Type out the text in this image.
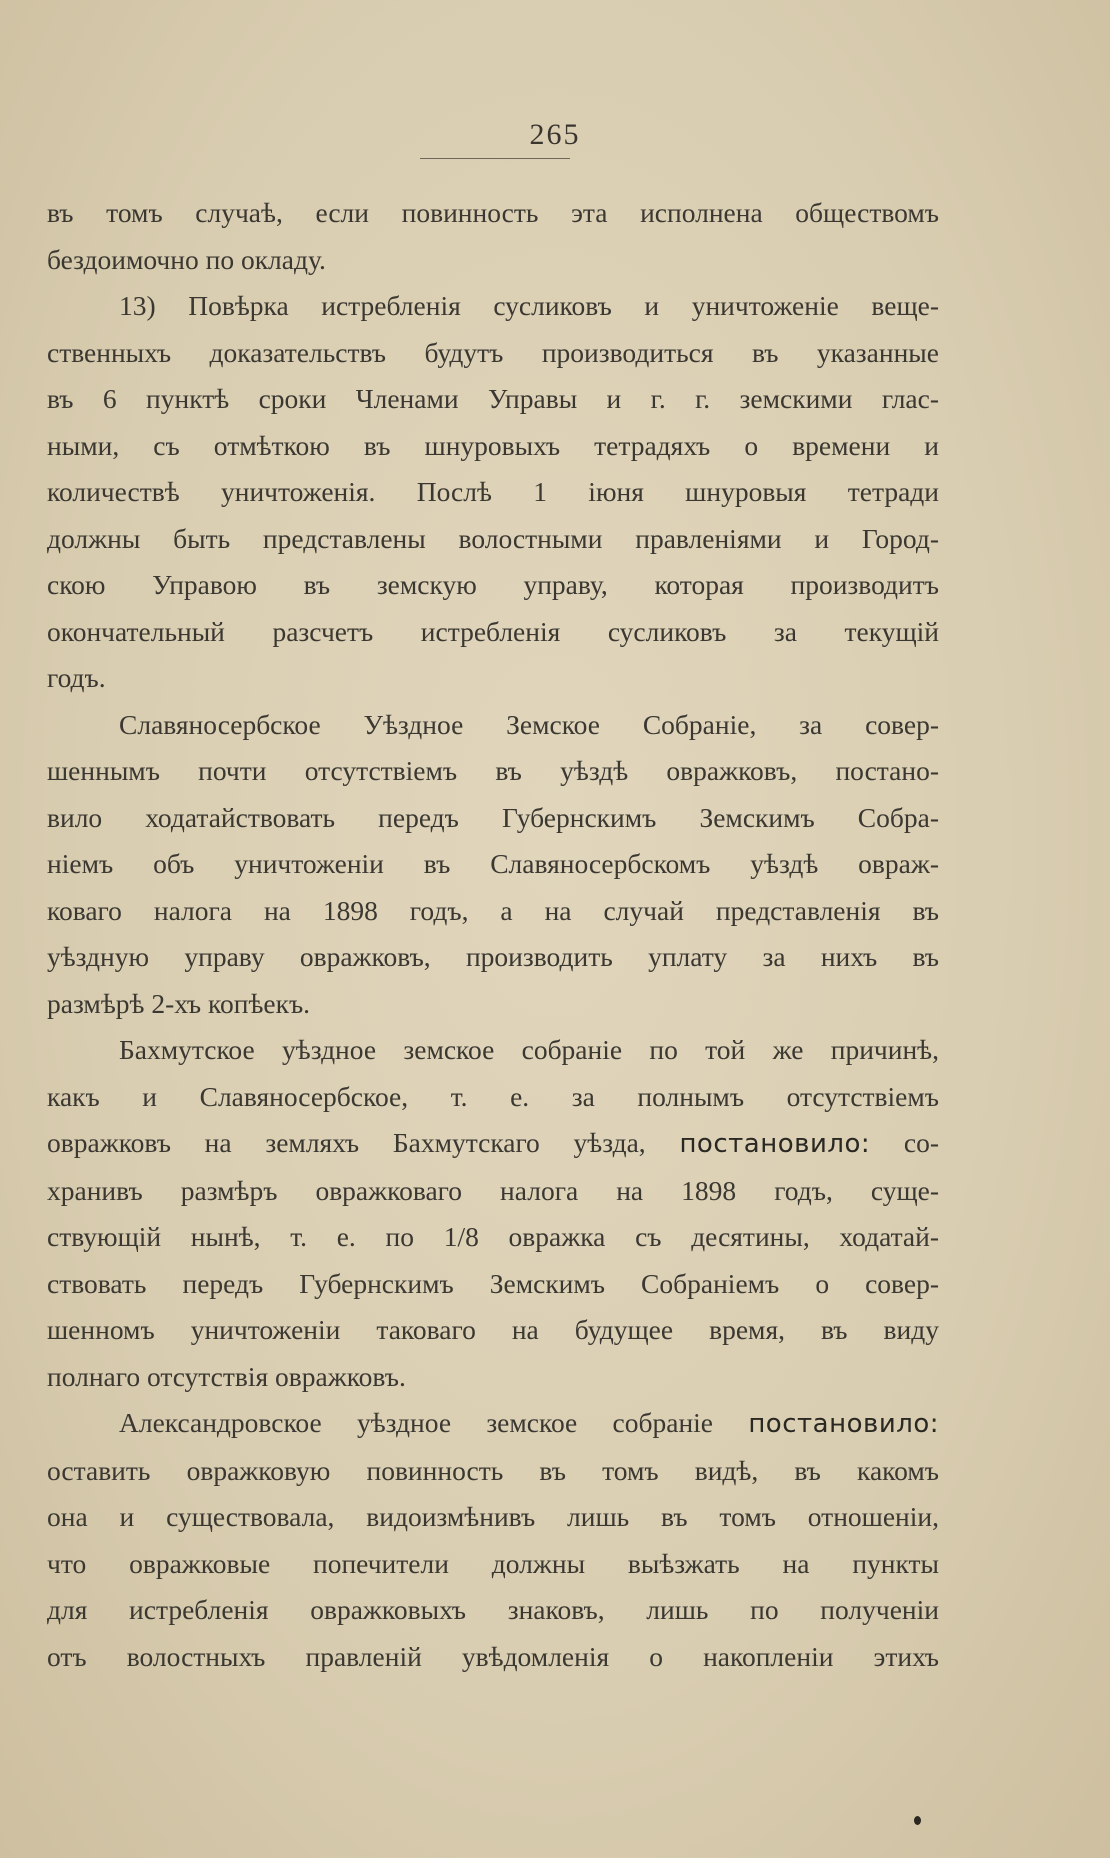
265
въ томъ случаѣ, если повинность эта исполнена обществомъ
бездоимочно по окладу.
13) Повѣрка истребленія сусликовъ и уничтоженіе веще-
ственныхъ доказательствъ будутъ производиться въ указанные
въ 6 пунктѣ сроки Членами Управы и г. г. земскими глас-
ными, съ отмѣткою въ шнуровыхъ тетрадяхъ о времени и
количествѣ уничтоженія. Послѣ 1 іюня шнуровыя тетради
должны быть представлены волостными правленіями и Город-
скою Управою въ земскую управу, которая производитъ
окончательный разсчетъ истребленія сусликовъ за текущій
годъ.
Славяносербское Уѣздное Земское Собраніе, за совер-
шеннымъ почти отсутствіемъ въ уѣздѣ овражковъ, постано-
вило ходатайствовать передъ Губернскимъ Земскимъ Собра-
ніемъ объ уничтоженіи въ Славяносербскомъ уѣздѣ овраж-
коваго налога на 1898 годъ, а на случай представленія въ
уѣздную управу овражковъ, производить уплату за нихъ въ
размѣрѣ 2-хъ копѣекъ.
Бахмутское уѣздное земское собраніе по той же причинѣ,
какъ и Славяносербское, т. е. за полнымъ отсутствіемъ
овражковъ на земляхъ Бахмутскаго уѣзда, постановило: со-
хранивъ размѣръ овражковаго налога на 1898 годъ, суще-
ствующій нынѣ, т. е. по 1/8 овражка съ десятины, ходатай-
ствовать передъ Губернскимъ Земскимъ Собраніемъ о совер-
шенномъ уничтоженіи таковаго на будущее время, въ виду
полнаго отсутствія овражковъ.
Александровское уѣздное земское собраніе постановило:
оставить овражковую повинность въ томъ видѣ, въ какомъ
она и существовала, видоизмѣнивъ лишь въ томъ отношеніи,
что овражковые попечители должны выѣзжать на пункты
для истребленія овражковыхъ знаковъ, лишь по полученіи
отъ волостныхъ правленій увѣдомленія о накопленіи этихъ
